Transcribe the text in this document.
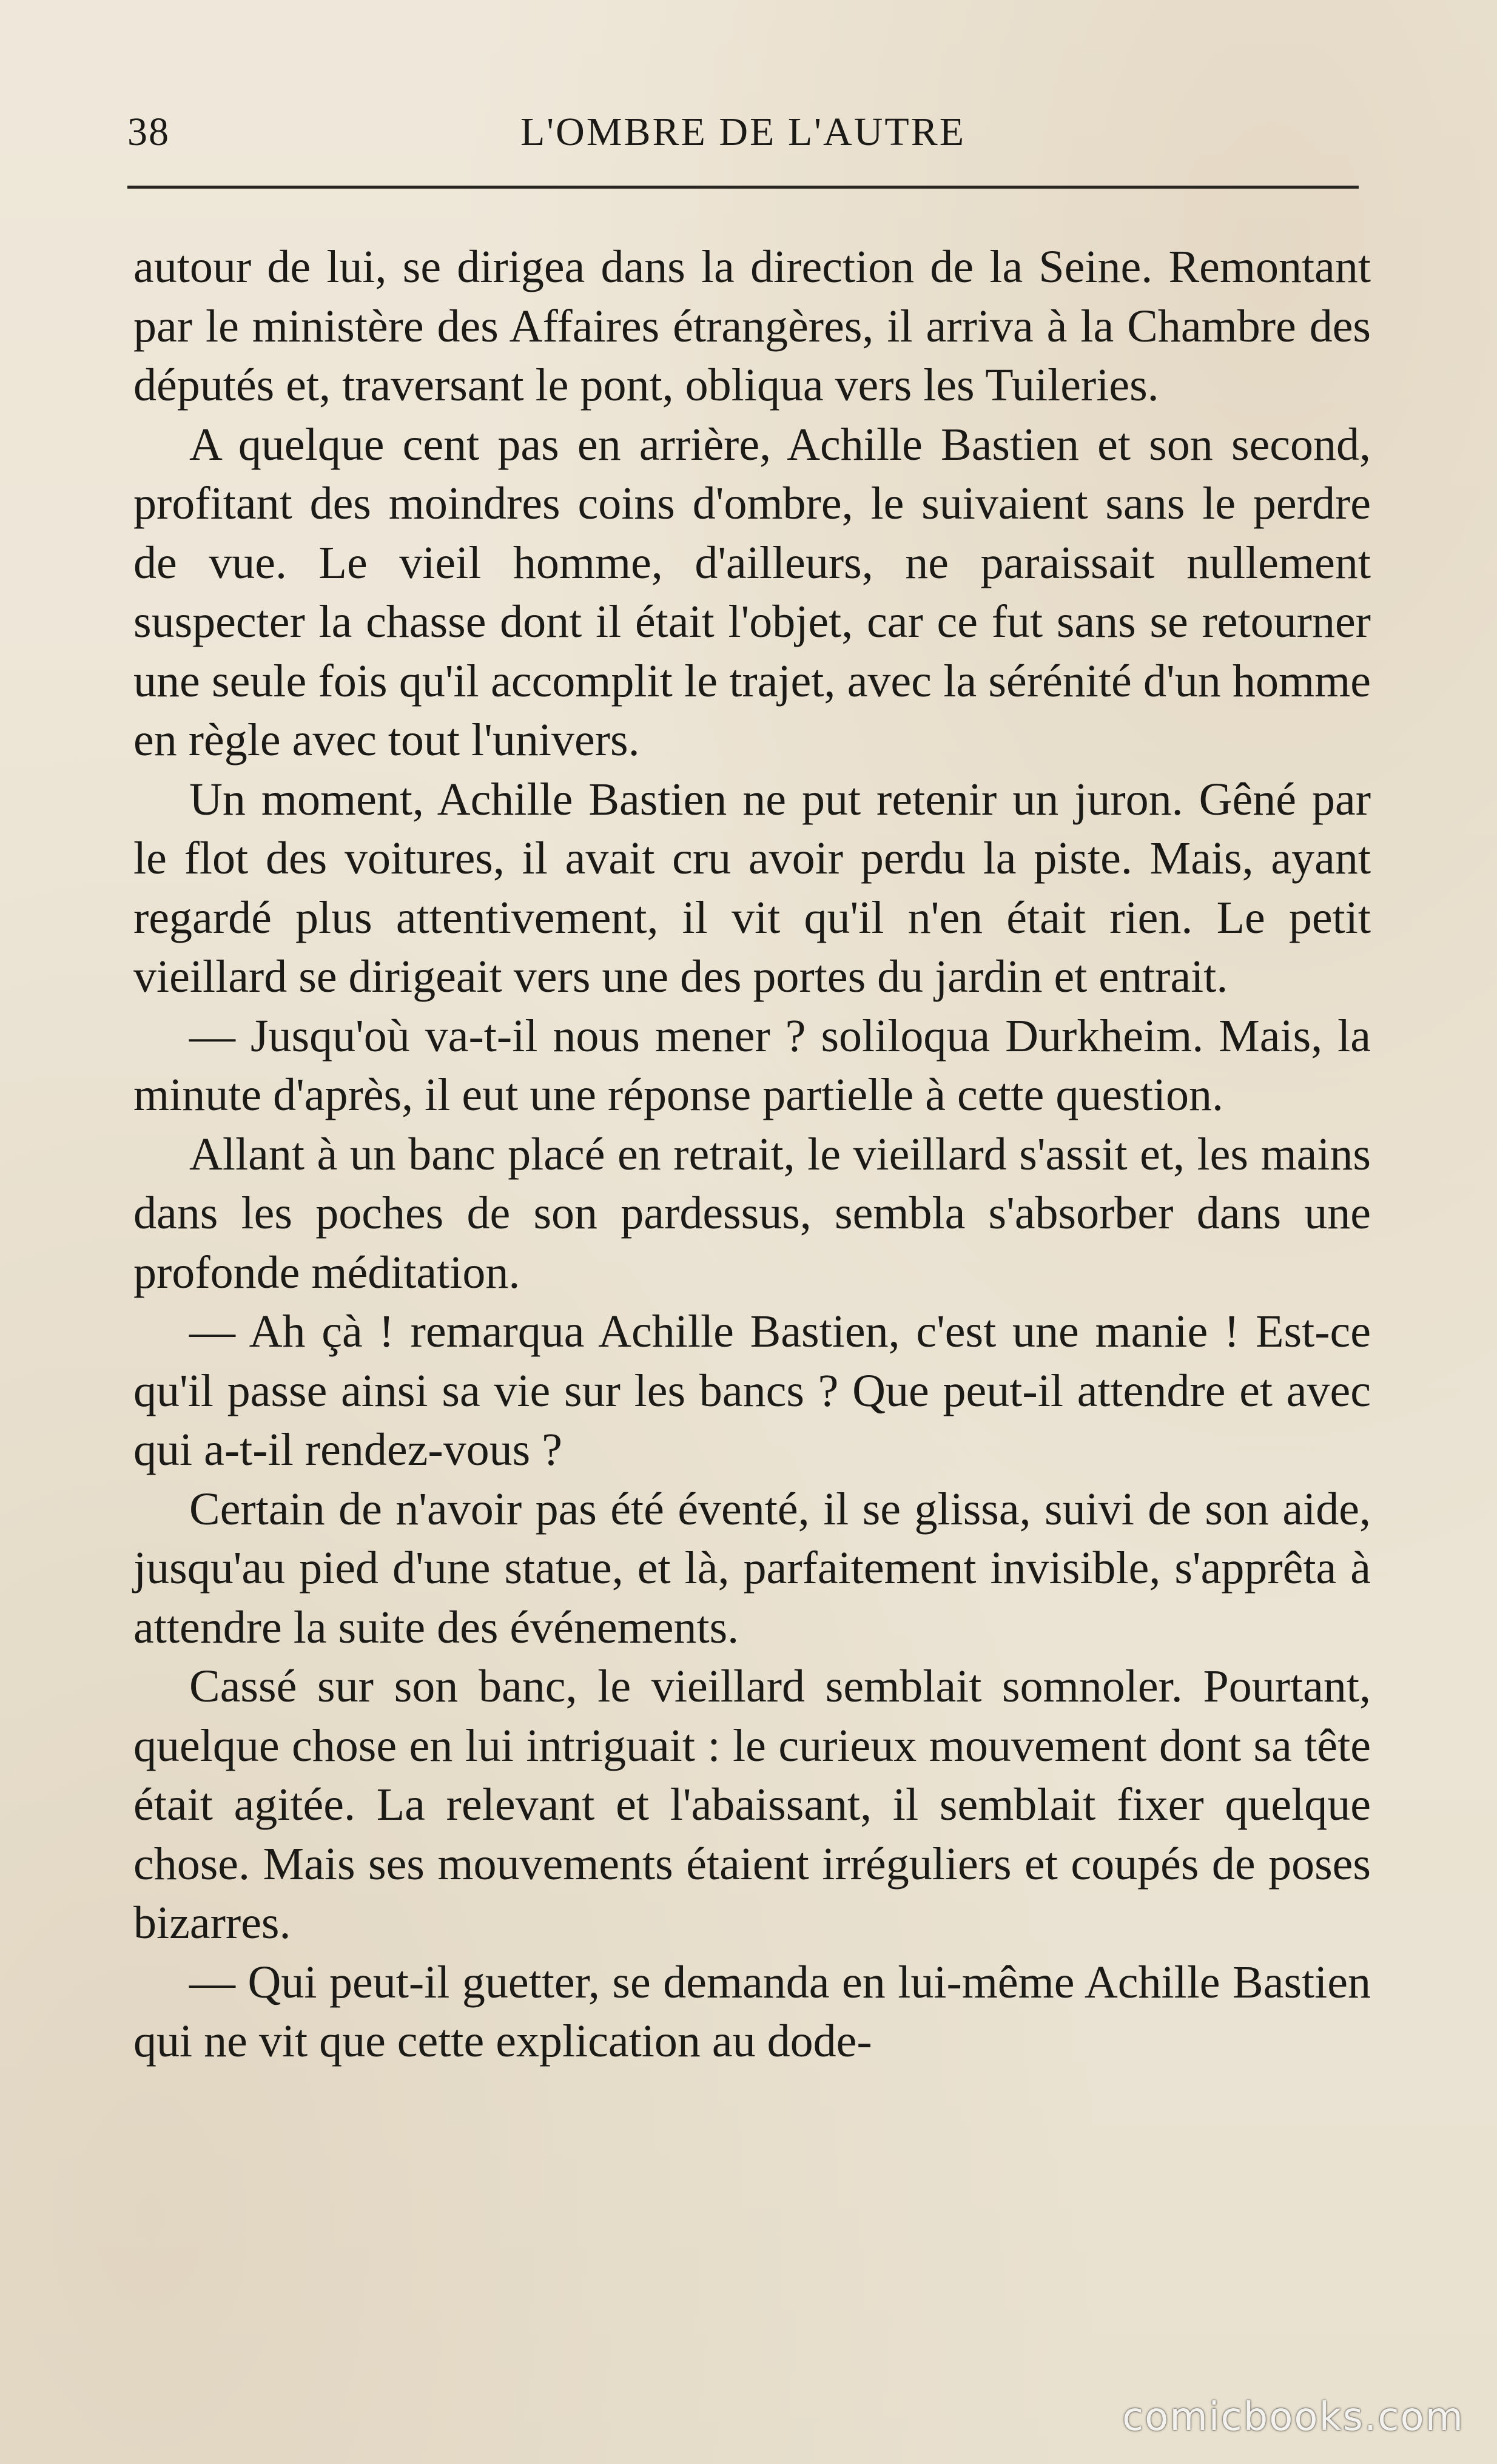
38	L'OMBRE DE L'AUTRE

autour de lui, se dirigea dans la direction de la Seine. Remontant par le ministère des Affaires étrangères, il arriva à la Chambre des députés et, traversant le pont, obliqua vers les Tuileries.

A quelque cent pas en arrière, Achille Bastien et son second, profitant des moindres coins d'ombre, le suivaient sans le perdre de vue. Le vieil homme, d'ailleurs, ne paraissait nullement suspecter la chasse dont il était l'objet, car ce fut sans se retourner une seule fois qu'il accomplit le trajet, avec la sérénité d'un homme en règle avec tout l'univers.

Un moment, Achille Bastien ne put retenir un juron. Gêné par le flot des voitures, il avait cru avoir perdu la piste. Mais, ayant regardé plus attentivement, il vit qu'il n'en était rien. Le petit vieillard se dirigeait vers une des portes du jardin et entrait.

— Jusqu'où va-t-il nous mener ? soliloqua Durkheim. Mais, la minute d'après, il eut une réponse partielle à cette question.

Allant à un banc placé en retrait, le vieillard s'assit et, les mains dans les poches de son pardessus, sembla s'absorber dans une profonde méditation.

— Ah çà ! remarqua Achille Bastien, c'est une manie ! Est-ce qu'il passe ainsi sa vie sur les bancs ? Que peut-il attendre et avec qui a-t-il rendez-vous ?

Certain de n'avoir pas été éventé, il se glissa, suivi de son aide, jusqu'au pied d'une statue, et là, parfaitement invisible, s'apprêta à attendre la suite des événements.

Cassé sur son banc, le vieillard semblait somnoler. Pourtant, quelque chose en lui intriguait : le curieux mouvement dont sa tête était agitée. La relevant et l'abaissant, il semblait fixer quelque chose. Mais ses mouvements étaient irréguliers et coupés de poses bizarres.

— Qui peut-il guetter, se demanda en lui-même Achille Bastien qui ne vit que cette explication au dode-

comicbooks.com
